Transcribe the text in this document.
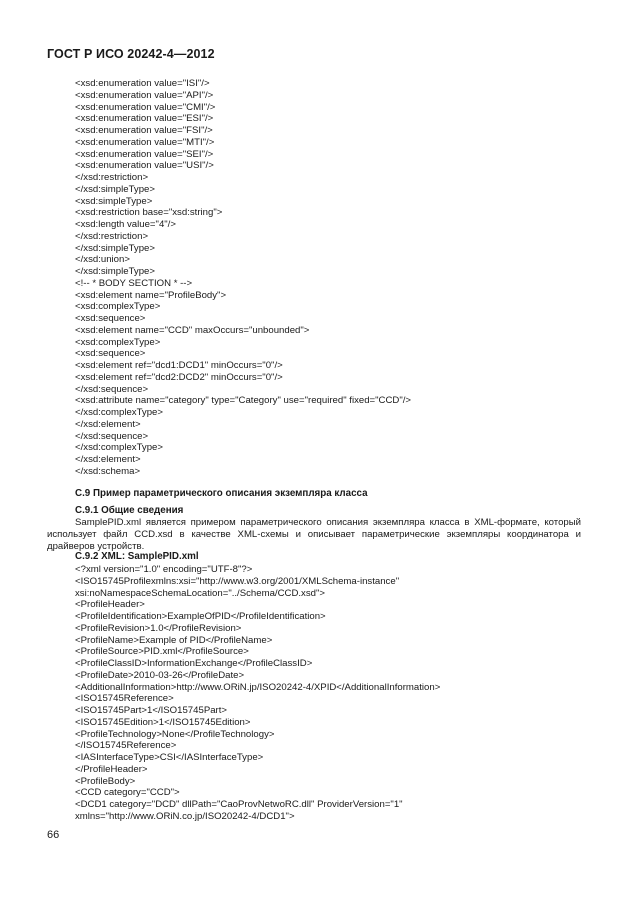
ГОСТ Р ИСО 20242-4—2012
<xsd:enumeration value="ISI"/>
<xsd:enumeration value="API"/>
<xsd:enumeration value="CMI"/>
<xsd:enumeration value="ESI"/>
<xsd:enumeration value="FSI"/>
<xsd:enumeration value="MTI"/>
<xsd:enumeration value="SEI"/>
<xsd:enumeration value="USI"/>
</xsd:restriction>
</xsd:simpleType>
<xsd:simpleType>
<xsd:restriction base="xsd:string">
<xsd:length value="4"/>
</xsd:restriction>
</xsd:simpleType>
</xsd:union>
</xsd:simpleType>
<!-- * BODY SECTION * -->
<xsd:element name="ProfileBody">
<xsd:complexType>
<xsd:sequence>
<xsd:element name="CCD" maxOccurs="unbounded">
<xsd:complexType>
<xsd:sequence>
<xsd:element ref="dcd1:DCD1" minOccurs="0"/>
<xsd:element ref="dcd2:DCD2" minOccurs="0"/>
</xsd:sequence>
<xsd:attribute name="category" type="Category" use="required" fixed="CCD"/>
</xsd:complexType>
</xsd:element>
</xsd:sequence>
</xsd:complexType>
</xsd:element>
</xsd:schema>
С.9 Пример параметрического описания экземпляра класса
С.9.1 Общие сведения
SamplePID.xml является примером параметрического описания экземпляра класса в XML-формате, который использует файл CCD.xsd в качестве XML-схемы и описывает параметрические экземпляры координатора и драйверов устройств.
С.9.2 XML: SamplePID.xml
<?xml version="1.0" encoding="UTF-8"?>
<ISO15745Profilexmlns:xsi="http://www.w3.org/2001/XMLSchema-instance"
xsi:noNamespaceSchemaLocation="../Schema/CCD.xsd">
<ProfileHeader>
<ProfileIdentification>ExampleOfPID</ProfileIdentification>
<ProfileRevision>1.0</ProfileRevision>
<ProfileName>Example of PID</ProfileName>
<ProfileSource>PID.xml</ProfileSource>
<ProfileClassID>InformationExchange</ProfileClassID>
<ProfileDate>2010-03-26</ProfileDate>
<AdditionalInformation>http://www.ORiN.jp/ISO20242-4/XPID</AdditionalInformation>
<ISO15745Reference>
<ISO15745Part>1</ISO15745Part>
<ISO15745Edition>1</ISO15745Edition>
<ProfileTechnology>None</ProfileTechnology>
</ISO15745Reference>
<IASInterfaceType>CSI</IASInterfaceType>
</ProfileHeader>
<ProfileBody>
<CCD category="CCD">
<DCD1 category="DCD" dllPath="CaoProvNetwoRC.dll" ProviderVersion="1"
xmlns="http://www.ORiN.co.jp/ISO20242-4/DCD1">
66
